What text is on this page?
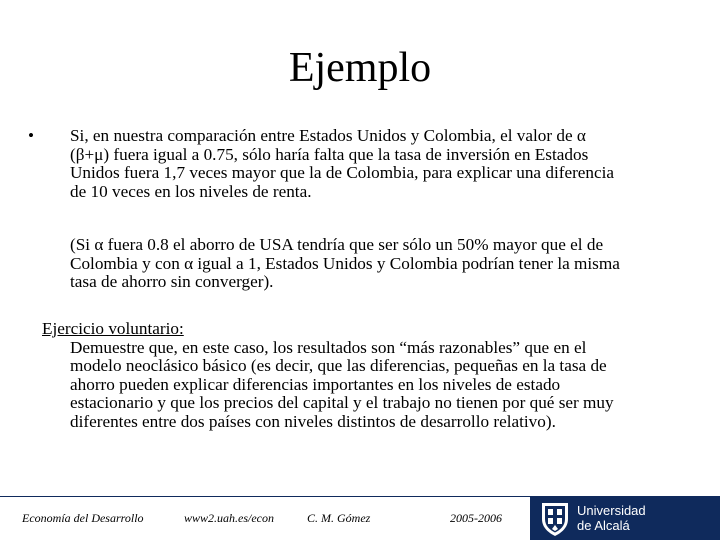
Ejemplo
• Si, en nuestra comparación entre Estados Unidos y Colombia, el valor de α
(β+μ) fuera igual a 0.75, sólo haría falta que la tasa de inversión en Estados
Unidos fuera 1,7 veces mayor que la de Colombia, para explicar una diferencia
de 10 veces en los niveles de renta.
(Si α fuera 0.8 el aborro de USA tendría que ser sólo un 50% mayor que el de
Colombia y con α igual a 1, Estados Unidos y Colombia podrían tener la misma
tasa de ahorro sin converger).
Ejercicio voluntario:
Demuestre que, en este caso, los resultados son “más razonables” que en el
modelo neoclásico básico (es decir, que las diferencias, pequeñas en la tasa de
ahorro pueden explicar diferencias importantes en los niveles de estado
estacionario y que los precios del capital y el trabajo no tienen por qué ser muy
diferentes entre dos países con niveles distintos de desarrollo relativo).
Economía del Desarrollo	www2.uah.es/econ	C. M. Gómez	2005-2006	Universidad
de Alcalá
